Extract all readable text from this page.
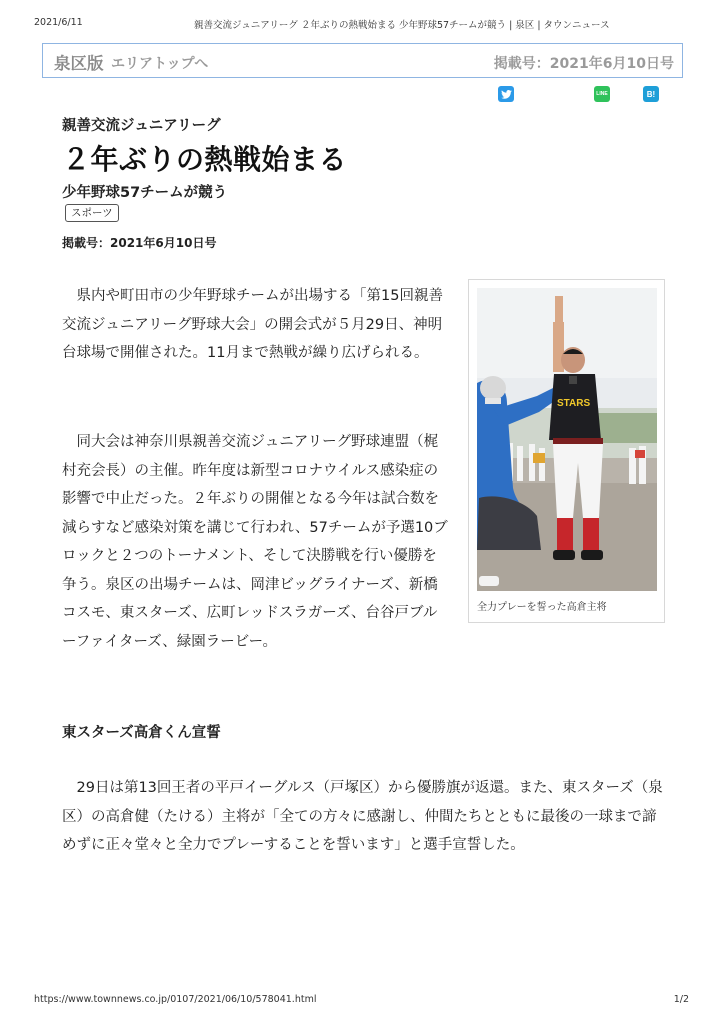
2021/6/11	親善交流ジュニアリーグ ２年ぶりの熱戦始まる 少年野球57チームが競う | 泉区 | タウンニュース
泉区版 エリアトップへ	掲載号：2021年6月10日号
LINE	B!
親善交流ジュニアリーグ
２年ぶりの熱戦始まる
少年野球57チームが競う
スポーツ
掲載号：2021年6月10日号

　県内や町田市の少年野球チームが出場する「第15回親善交流ジュニアリーグ野球大会」の開会式が５月29日、神明台球場で開催された。11月まで熱戦が繰り広げられる。

　同大会は神奈川県親善交流ジュニアリーグ野球連盟（梶村充会長）の主催。昨年度は新型コロナウイルス感染症の影響で中止だった。２年ぶりの開催となる今年は試合数を減らすなど感染対策を講じて行われ、57チームが予選10ブロックと２つのトーナメント、そして決勝戦を行い優勝を争う。泉区の出場チームは、岡津ビッグライナーズ、新橋コスモ、東スターズ、広町レッドスラガーズ、台谷戸ブルーファイターズ、緑園ラービー。

東スターズ高倉くん宣誓

　29日は第13回王者の平戸イーグルス（戸塚区）から優勝旗が返還。また、東スターズ（泉区）の高倉健（たける）主将が「全ての方々に感謝し、仲間たちとともに最後の一球まで諦めずに正々堂々と全力でプレーすることを誓います」と選手宣誓した。

STARS
全力プレーを誓った高倉主将
https://www.townnews.co.jp/0107/2021/06/10/578041.html	1/2
